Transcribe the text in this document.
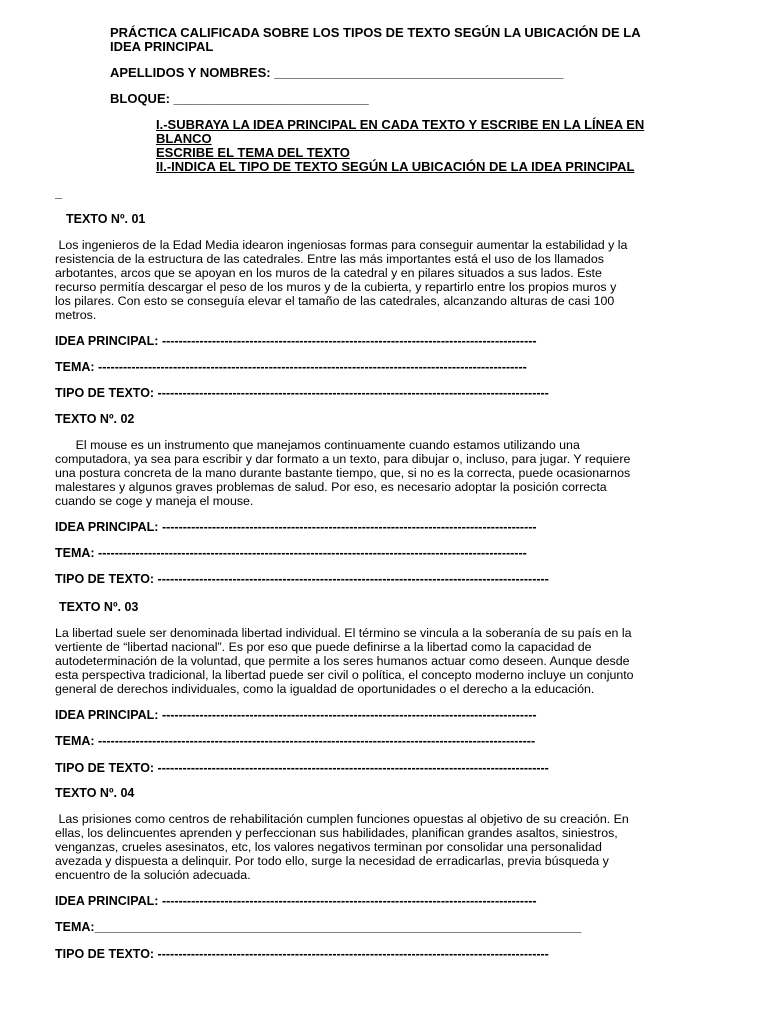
PRÁCTICA CALIFICADA SOBRE LOS TIPOS DE TEXTO SEGÚN LA UBICACIÓN DE LA
IDEA PRINCIPAL
APELLIDOS Y NOMBRES: ________________________________________
BLOQUE: ___________________________
I.-SUBRAYA LA IDEA PRINCIPAL EN CADA TEXTO Y ESCRIBE EN LA LÍNEA EN
BLANCO
ESCRIBE EL TEMA DEL TEXTO
II.-INDICA EL TIPO DE TEXTO SEGÚN LA UBICACIÓN DE LA IDEA PRINCIPAL
_
TEXTO Nº. 01
Los ingenieros de la Edad Media idearon ingeniosas formas para conseguir aumentar la estabilidad y la
resistencia de la estructura de las catedrales. Entre las más importantes está el uso de los llamados
arbotantes, arcos que se apoyan en los muros de la catedral y en pilares situados a sus lados. Este
recurso permitía descargar el peso de los muros y de la cubierta, y repartirlo entre los propios muros y
los pilares. Con esto se conseguía elevar el tamaño de las catedrales, alcanzando alturas de casi 100
metros.
IDEA PRINCIPAL: ------------------------------------------------------------------------------------------
TEMA: -------------------------------------------------------------------------------------------------------
TIPO DE TEXTO: ----------------------------------------------------------------------------------------------
TEXTO Nº. 02
El mouse es un instrumento que manejamos continuamente cuando estamos utilizando una
computadora, ya sea para escribir y dar formato a un texto, para dibujar o, incluso, para jugar. Y requiere
una postura concreta de la mano durante bastante tiempo, que, si no es la correcta, puede ocasionarnos
malestares y algunos graves problemas de salud. Por eso, es necesario adoptar la posición correcta
cuando se coge y maneja el mouse.
IDEA PRINCIPAL: ------------------------------------------------------------------------------------------
TEMA: -------------------------------------------------------------------------------------------------------
TIPO DE TEXTO: ----------------------------------------------------------------------------------------------
TEXTO Nº. 03
La libertad suele ser denominada libertad individual. El término se vincula a la soberanía de su país en la
vertiente de “libertad nacional”. Es por eso que puede definirse a la libertad como la capacidad de
autodeterminación de la voluntad, que permite a los seres humanos actuar como deseen. Aunque desde
esta perspectiva tradicional, la libertad puede ser civil o política, el concepto moderno incluye un conjunto
general de derechos individuales, como la igualdad de oportunidades o el derecho a la educación.
IDEA PRINCIPAL: ------------------------------------------------------------------------------------------
TEMA: ---------------------------------------------------------------------------------------------------------
TIPO DE TEXTO: ----------------------------------------------------------------------------------------------
TEXTO Nº. 04
Las prisiones como centros de rehabilitación cumplen funciones opuestas al objetivo de su creación. En
ellas, los delincuentes aprenden y perfeccionan sus habilidades, planifican grandes asaltos, siniestros,
venganzas, crueles asesinatos, etc, los valores negativos terminan por consolidar una personalidad
avezada y dispuesta a delinquir. Por todo ello, surge la necesidad de erradicarlas, previa búsqueda y
encuentro de la solución adecuada.
IDEA PRINCIPAL: ------------------------------------------------------------------------------------------
TEMA:______________________________________________________________________
TIPO DE TEXTO: ----------------------------------------------------------------------------------------------
